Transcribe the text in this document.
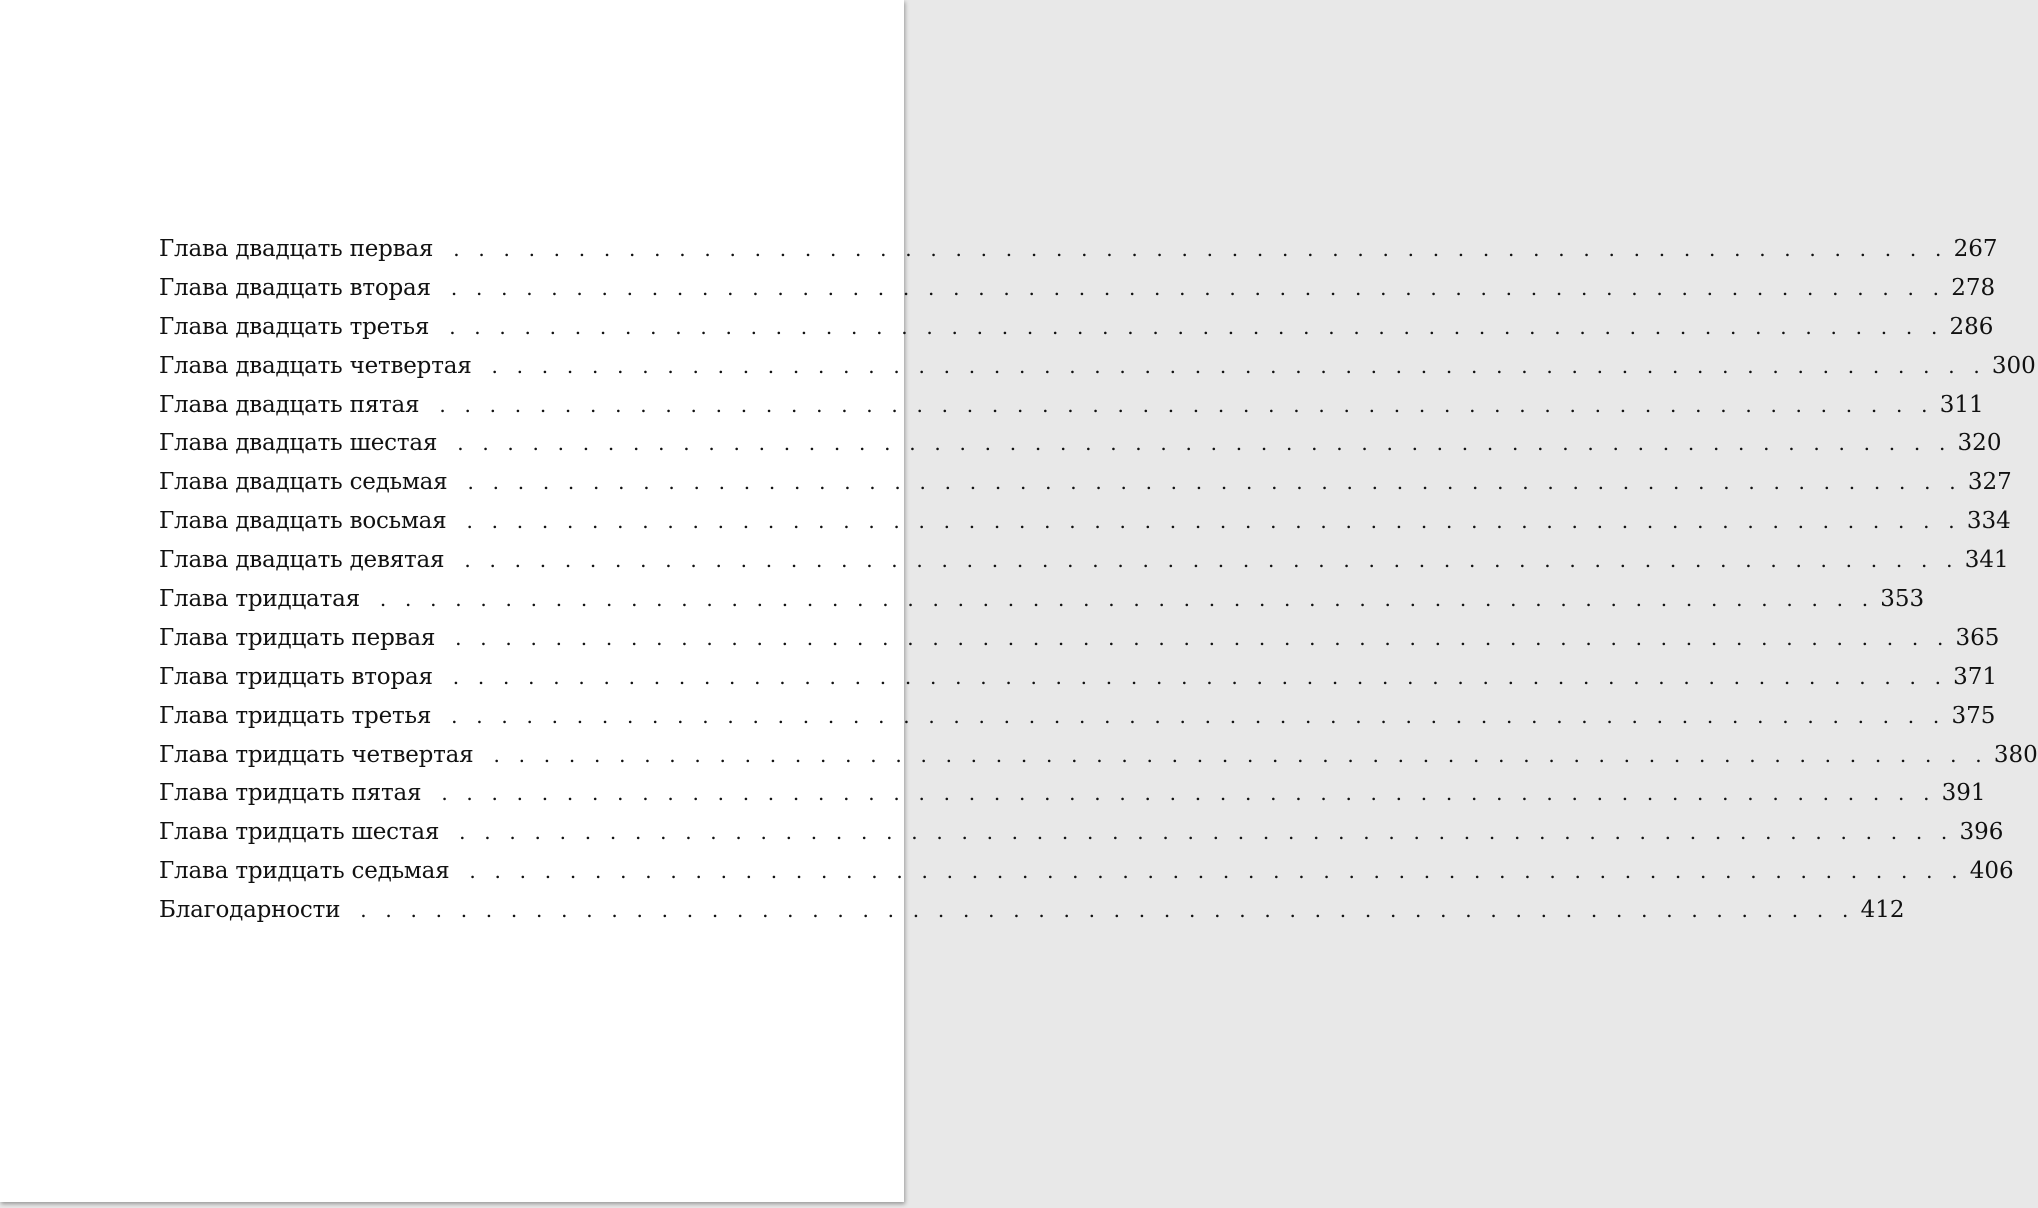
Глава двадцать первая	. . . . . . . . . . . . . . . . . . . . . . . . . . . . . . . . . . . . . . . . . . . . . . . . . . . . . . . . . . . . 267
Глава двадцать вторая	. . . . . . . . . . . . . . . . . . . . . . . . . . . . . . . . . . . . . . . . . . . . . . . . . . . . . . . . . . . . 278
Глава двадцать третья	. . . . . . . . . . . . . . . . . . . . . . . . . . . . . . . . . . . . . . . . . . . . . . . . . . . . . . . . . . . . 286
Глава двадцать четвертая	. . . . . . . . . . . . . . . . . . . . . . . . . . . . . . . . . . . . . . . . . . . . . . . . . . . . . . . . . . . . 300
Глава двадцать пятая	. . . . . . . . . . . . . . . . . . . . . . . . . . . . . . . . . . . . . . . . . . . . . . . . . . . . . . . . . . . . 311
Глава двадцать шестая	. . . . . . . . . . . . . . . . . . . . . . . . . . . . . . . . . . . . . . . . . . . . . . . . . . . . . . . . . . . . 320
Глава двадцать седьмая	. . . . . . . . . . . . . . . . . . . . . . . . . . . . . . . . . . . . . . . . . . . . . . . . . . . . . . . . . . . . 327
Глава двадцать восьмая	. . . . . . . . . . . . . . . . . . . . . . . . . . . . . . . . . . . . . . . . . . . . . . . . . . . . . . . . . . . . 334
Глава двадцать девятая	. . . . . . . . . . . . . . . . . . . . . . . . . . . . . . . . . . . . . . . . . . . . . . . . . . . . . . . . . . . . 341
Глава тридцатая	. . . . . . . . . . . . . . . . . . . . . . . . . . . . . . . . . . . . . . . . . . . . . . . . . . . . . . . . . . . . 353
Глава тридцать первая	. . . . . . . . . . . . . . . . . . . . . . . . . . . . . . . . . . . . . . . . . . . . . . . . . . . . . . . . . . . . 365
Глава тридцать вторая	. . . . . . . . . . . . . . . . . . . . . . . . . . . . . . . . . . . . . . . . . . . . . . . . . . . . . . . . . . . . 371
Глава тридцать третья	. . . . . . . . . . . . . . . . . . . . . . . . . . . . . . . . . . . . . . . . . . . . . . . . . . . . . . . . . . . . 375
Глава тридцать четвертая	. . . . . . . . . . . . . . . . . . . . . . . . . . . . . . . . . . . . . . . . . . . . . . . . . . . . . . . . . . . . 380
Глава тридцать пятая	. . . . . . . . . . . . . . . . . . . . . . . . . . . . . . . . . . . . . . . . . . . . . . . . . . . . . . . . . . . . 391
Глава тридцать шестая	. . . . . . . . . . . . . . . . . . . . . . . . . . . . . . . . . . . . . . . . . . . . . . . . . . . . . . . . . . . . 396
Глава тридцать седьмая	. . . . . . . . . . . . . . . . . . . . . . . . . . . . . . . . . . . . . . . . . . . . . . . . . . . . . . . . . . . . 406
Благодарности	. . . . . . . . . . . . . . . . . . . . . . . . . . . . . . . . . . . . . . . . . . . . . . . . . . . . . . . . . . . . 412
